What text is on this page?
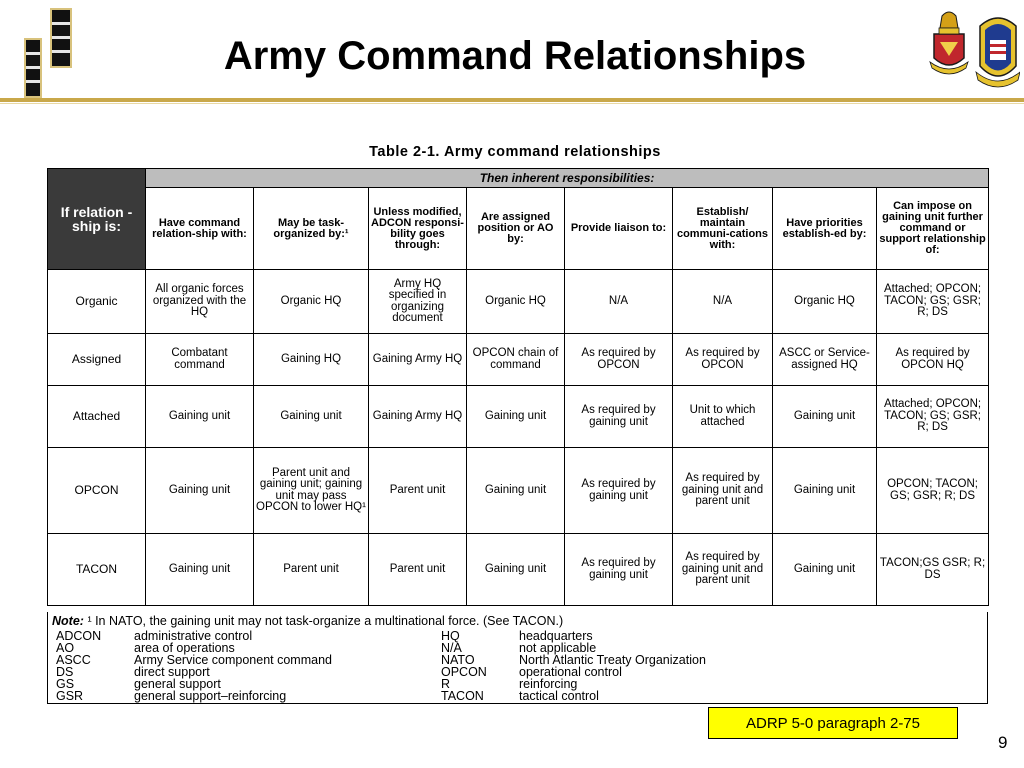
Army Command Relationships
Table 2-1. Army command relationships
If relation -ship is:	Then inherent responsibilities:							
	Have command relation-ship with:	May be task-organized by:¹	Unless modified, ADCON responsi-bility goes through:	Are assigned position or AO by:	Provide liaison to:	Establish/ maintain communi-cations with:	Have priorities establish-ed by:	Can impose on gaining unit further command or support relationship of:
Organic	All organic forces organized with the HQ	Organic HQ	Army HQ specified in organizing document	Organic HQ	N/A	N/A	Organic HQ	Attached; OPCON; TACON; GS; GSR; R; DS
Assigned	Combatant command	Gaining HQ	Gaining Army HQ	OPCON chain of command	As required by OPCON	As required by OPCON	ASCC or Service-assigned HQ	As required by OPCON HQ
Attached	Gaining unit	Gaining unit	Gaining Army HQ	Gaining unit	As required by gaining unit	Unit to which attached	Gaining unit	Attached; OPCON; TACON; GS; GSR; R; DS
OPCON	Gaining unit	Parent unit and gaining unit; gaining unit may pass OPCON to lower HQ¹	Parent unit	Gaining unit	As required by gaining unit	As required by gaining unit and parent unit	Gaining unit	OPCON; TACON; GS; GSR; R; DS
TACON	Gaining unit	Parent unit	Parent unit	Gaining unit	As required by gaining unit	As required by gaining unit and parent unit	Gaining unit	TACON;GS GSR; R; DS
Note: ¹ In NATO, the gaining unit may not task-organize a multinational force. (See TACON.)
ADCON	administrative control
AO	area of operations
ASCC	Army Service component command
DS	direct support
GS	general support
GSR	general support–reinforcing
HQ	headquarters
N/A	not applicable
NATO	North Atlantic Treaty Organization
OPCON	operational control
R	reinforcing
TACON	tactical control
ADRP 5-0 paragraph 2-75
9
